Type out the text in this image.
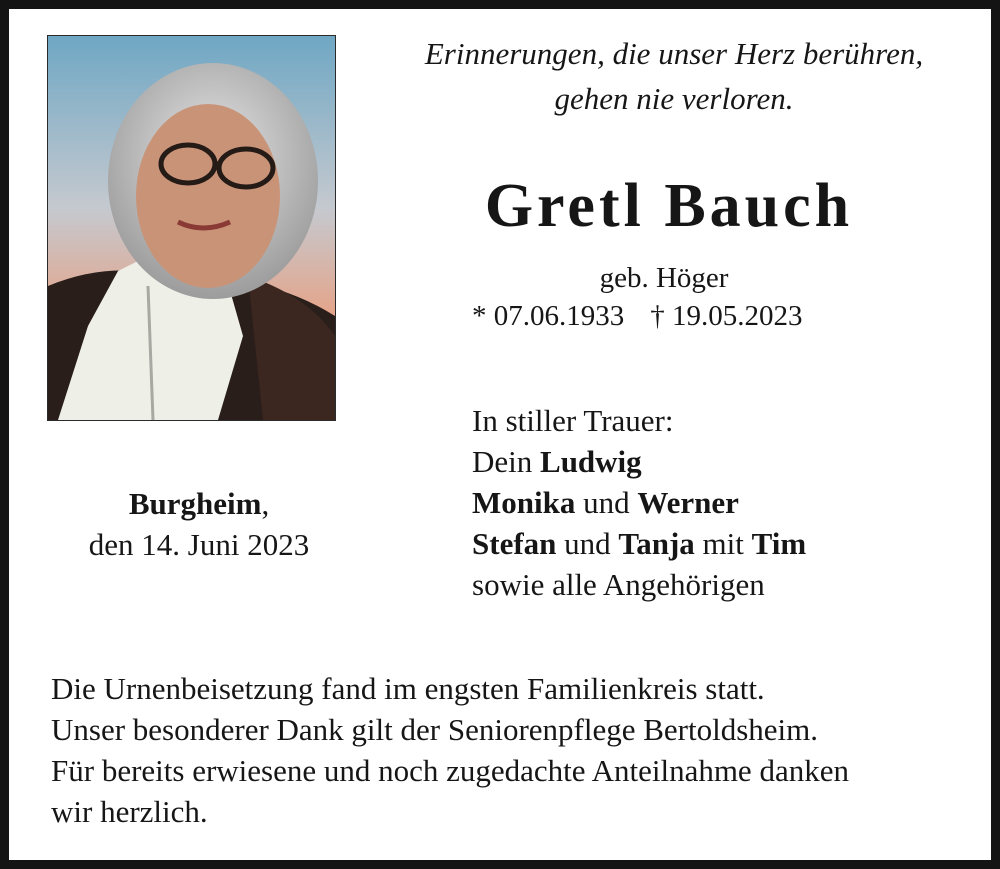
Erinnerungen, die unser Herz berühren,
gehen nie verloren.
Gretl Bauch
geb. Höger
* 07.06.1933 † 19.05.2023
Burgheim,
den 14. Juni 2023
In stiller Trauer:
Dein Ludwig
Monika und Werner
Stefan und Tanja mit Tim
sowie alle Angehörigen
Die Urnenbeisetzung fand im engsten Familienkreis statt.
Unser besonderer Dank gilt der Seniorenpflege Bertoldsheim.
Für bereits erwiesene und noch zugedachte Anteilnahme danken
wir herzlich.
